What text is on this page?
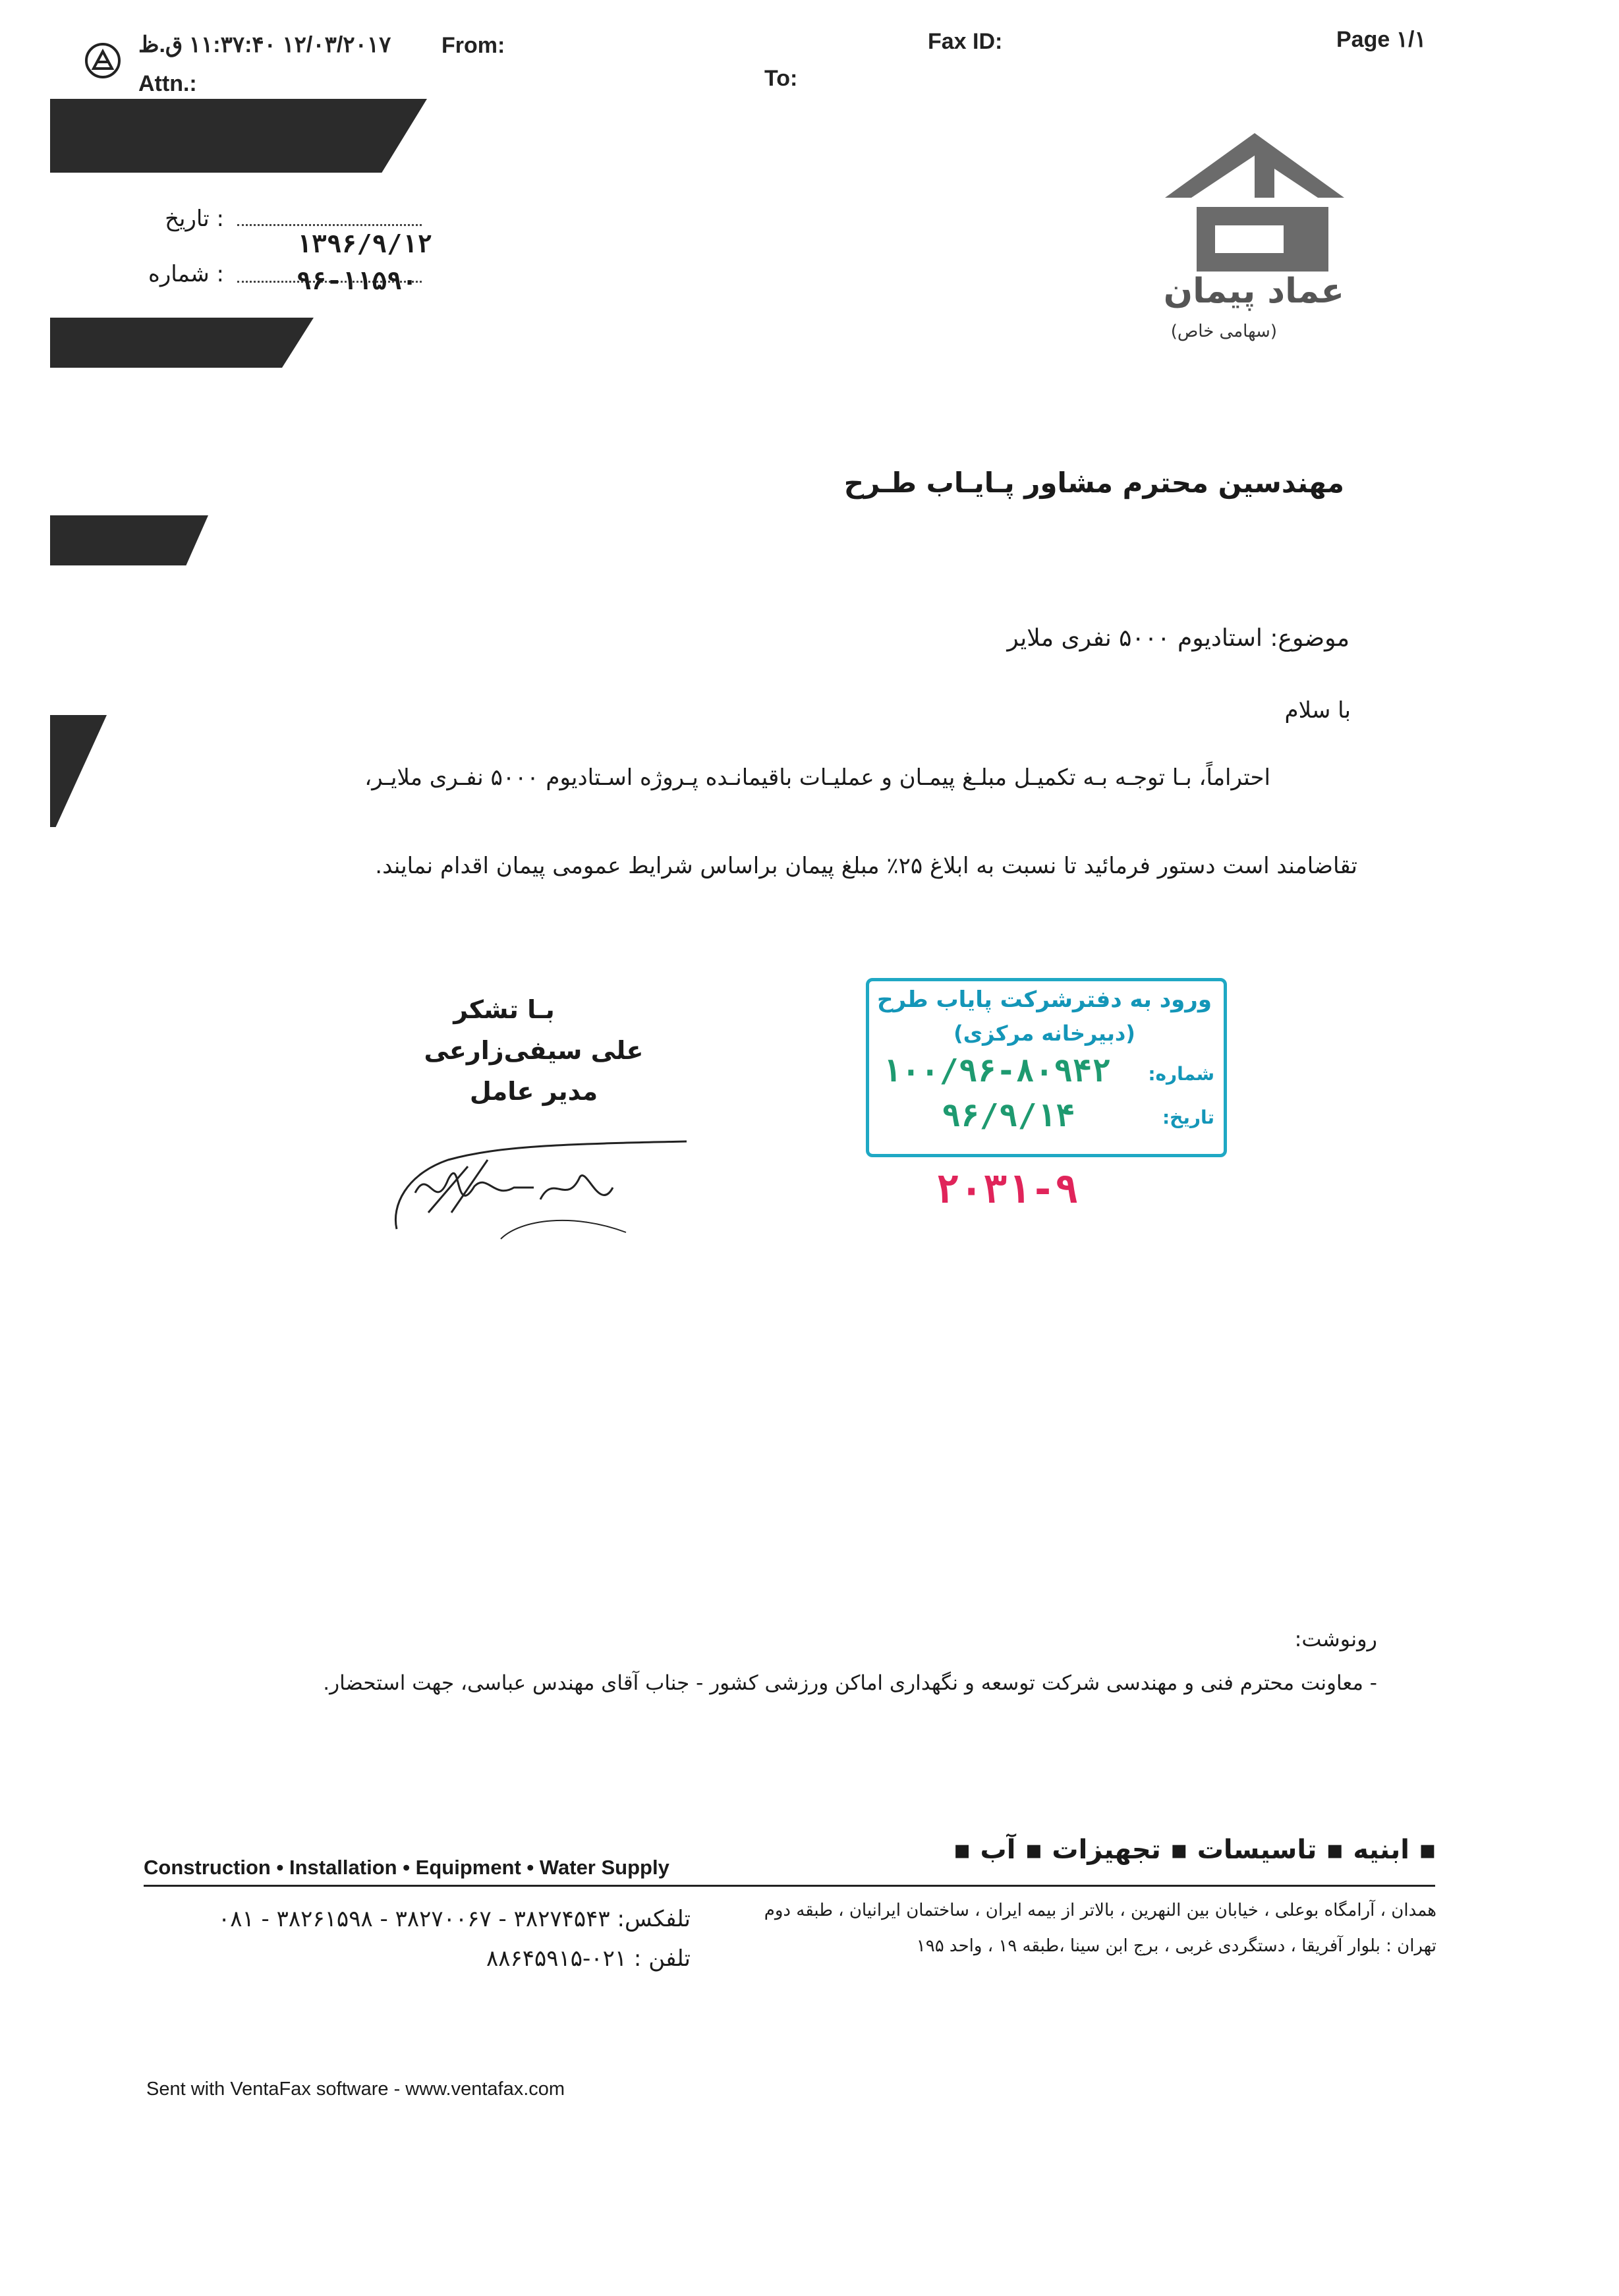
۱۲/۰۳/۲۰۱۷ ۱۱:۳۷:۴۰ ق.ظ From:
Attn.:
Fax ID:
To:
Page ۱/۱
: تاریخ
۱۳۹۶/۹/۱۲
: شماره	۹۶-۱۱۵۹۰	عماد پیمان
(سهامی خاص)
مهندسین محترم مشاور پـایـاب طـرح
موضوع: استادیوم ۵۰۰۰ نفری ملایر
با سلام
احتراماً، بـا توجـه بـه تکمیـل مبلـغ پیمـان و عملیـات باقیمانـده پـروژه اسـتادیوم ۵۰۰۰ نفـری ملایـر،
تقاضامند است دستور فرمائید تا نسبت به ابلاغ ۲۵٪ مبلغ پیمان براساس شرایط عمومی پیمان اقدام نمایند.
بـا تشکر
علی سیفی‌زارعی
مدیر عامل
ورود به دفترشرکت پایاب طرح
(دبیرخانه مرکزی)
شماره:
۱۰۰/۹۶-۸۰۹۴۲
تاریخ:
۹۶/۹/۱۴
۲۰۳۱-۹
رونوشت:
- معاونت محترم فنی و مهندسی شرکت توسعه و نگهداری اماکن ورزشی کشور - جناب آقای مهندس عباسی، جهت استحضار.
Construction • Installation • Equipment • Water Supply
▪ ابنیه ▪ تاسیسات ▪ تجهیزات ▪ آب ▪
تلفکس: ۳۸۲۷۴۵۴۳ - ۳۸۲۷۰۰۶۷ - ۳۸۲۶۱۵۹۸ - ۰۸۱
تلفن : ۰۲۱-۸۸۶۴۵۹۱۵
همدان ، آرامگاه بوعلی ، خیابان بین النهرین ، بالاتر از بیمه ایران ، ساختمان ایرانیان ، طبقه دوم
تهران : بلوار آفریقا ، دستگردی غربی ، برج ابن سینا ،طبقه ۱۹ ، واحد ۱۹۵
Sent with VentaFax software - www.ventafax.com
